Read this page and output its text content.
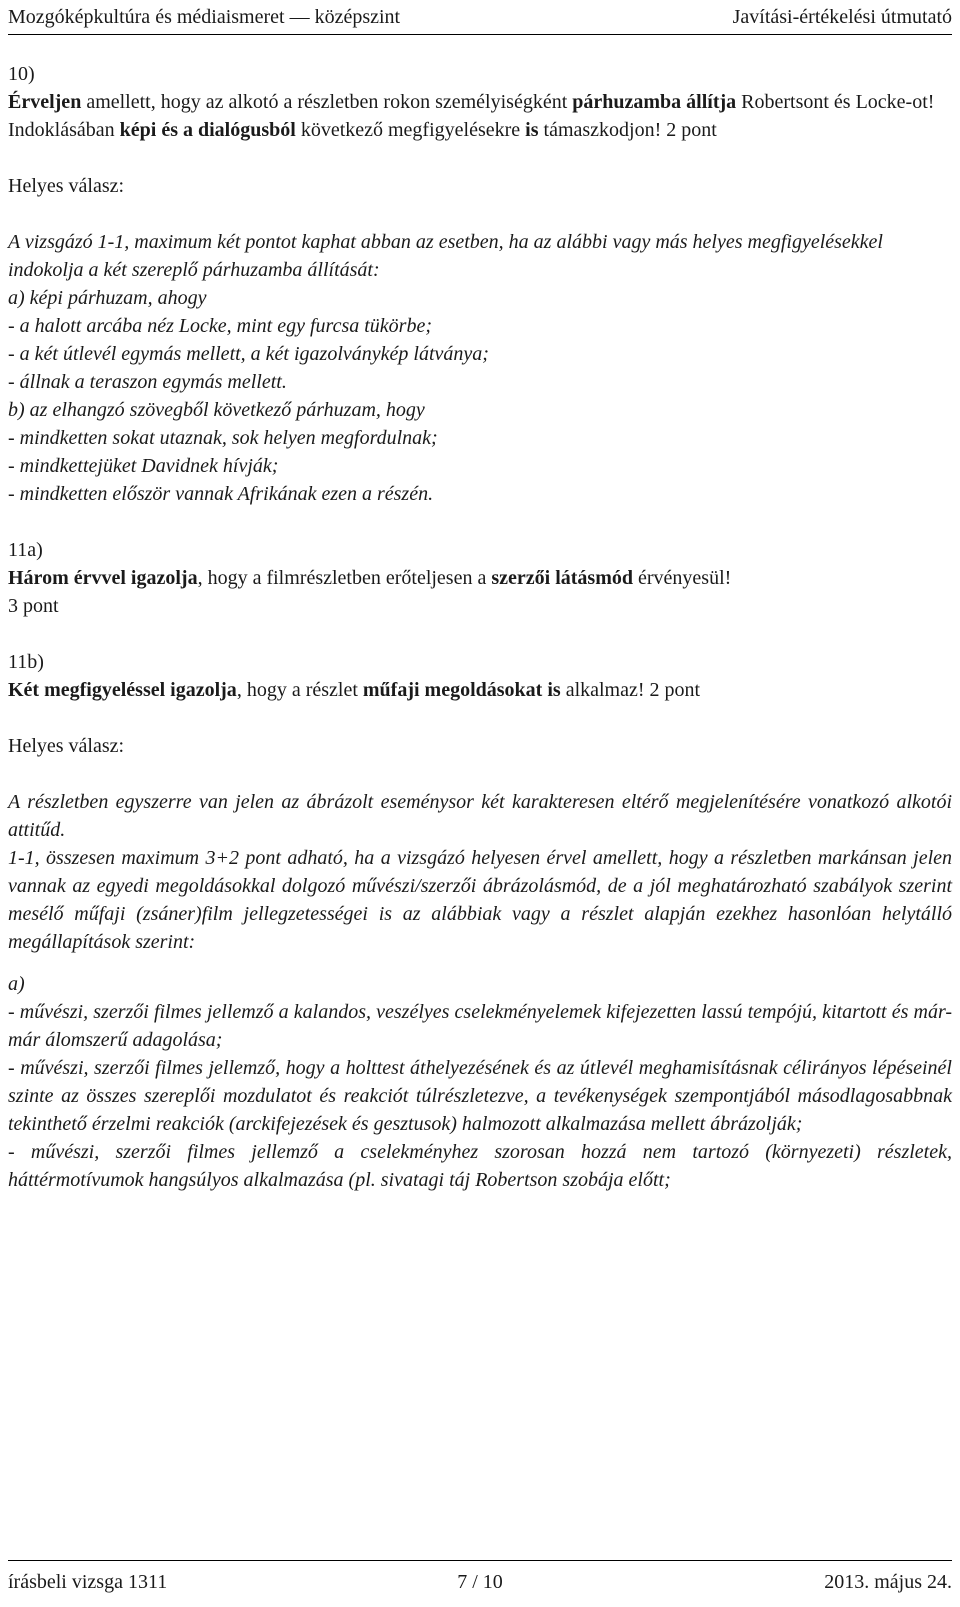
Mozgóképkultúra és médiaismeret — középszint	Javítási-értékelési útmutató

10)

Érveljen amellett, hogy az alkotó a részletben rokon személyiségként párhuzamba állítja Robertsont és Locke-ot! Indoklásában képi és a dialógusból következő megfigyelésekre is támaszkodjon! 2 pont

Helyes válasz:

A vizsgázó 1-1, maximum két pontot kaphat abban az esetben, ha az alábbi vagy más helyes megfigyelésekkel indokolja a két szereplő párhuzamba állítását:

a) képi párhuzam, ahogy

- a halott arcába néz Locke, mint egy furcsa tükörbe;

- a két útlevél egymás mellett, a két igazolványkép látványa;

- állnak a teraszon egymás mellett.

b) az elhangzó szövegből következő párhuzam, hogy

- mindketten sokat utaznak, sok helyen megfordulnak;

- mindkettejüket Davidnek hívják;

- mindketten először vannak Afrikának ezen a részén.

11a)

Három érvvel igazolja, hogy a filmrészletben erőteljesen a szerzői látásmód érvényesül!

3 pont

11b)

Két megfigyeléssel igazolja, hogy a részlet műfaji megoldásokat is alkalmaz! 2 pont

Helyes válasz:

A részletben egyszerre van jelen az ábrázolt eseménysor két karakteresen eltérő megjelenítésére vonatkozó alkotói attitűd.

1-1, összesen maximum 3+2 pont adható, ha a vizsgázó helyesen érvel amellett, hogy a részletben markánsan jelen vannak az egyedi megoldásokkal dolgozó művészi/szerzői ábrázolásmód, de a jól meghatározható szabályok szerint mesélő műfaji (zsáner)film jellegzetességei is az alábbiak vagy a részlet alapján ezekhez hasonlóan helytálló megállapítások szerint:

a)

- művészi, szerzői filmes jellemző a kalandos, veszélyes cselekményelemek kifejezetten lassú tempójú, kitartott és már-már álomszerű adagolása;

- művészi, szerzői filmes jellemző, hogy a holttest áthelyezésének és az útlevél meghamisításnak célirányos lépéseinél szinte az összes szereplői mozdulatot és reakciót túlrészletezve, a tevékenységek szempontjából másodlagosabbnak tekinthető érzelmi reakciók (arckifejezések és gesztusok) halmozott alkalmazása mellett ábrázolják;

- művészi, szerzői filmes jellemző a cselekményhez szorosan hozzá nem tartozó (környezeti) részletek, háttérmotívumok hangsúlyos alkalmazása (pl. sivatagi táj Robertson szobája előtt;

írásbeli vizsga 1311	7 / 10	2013. május 24.
